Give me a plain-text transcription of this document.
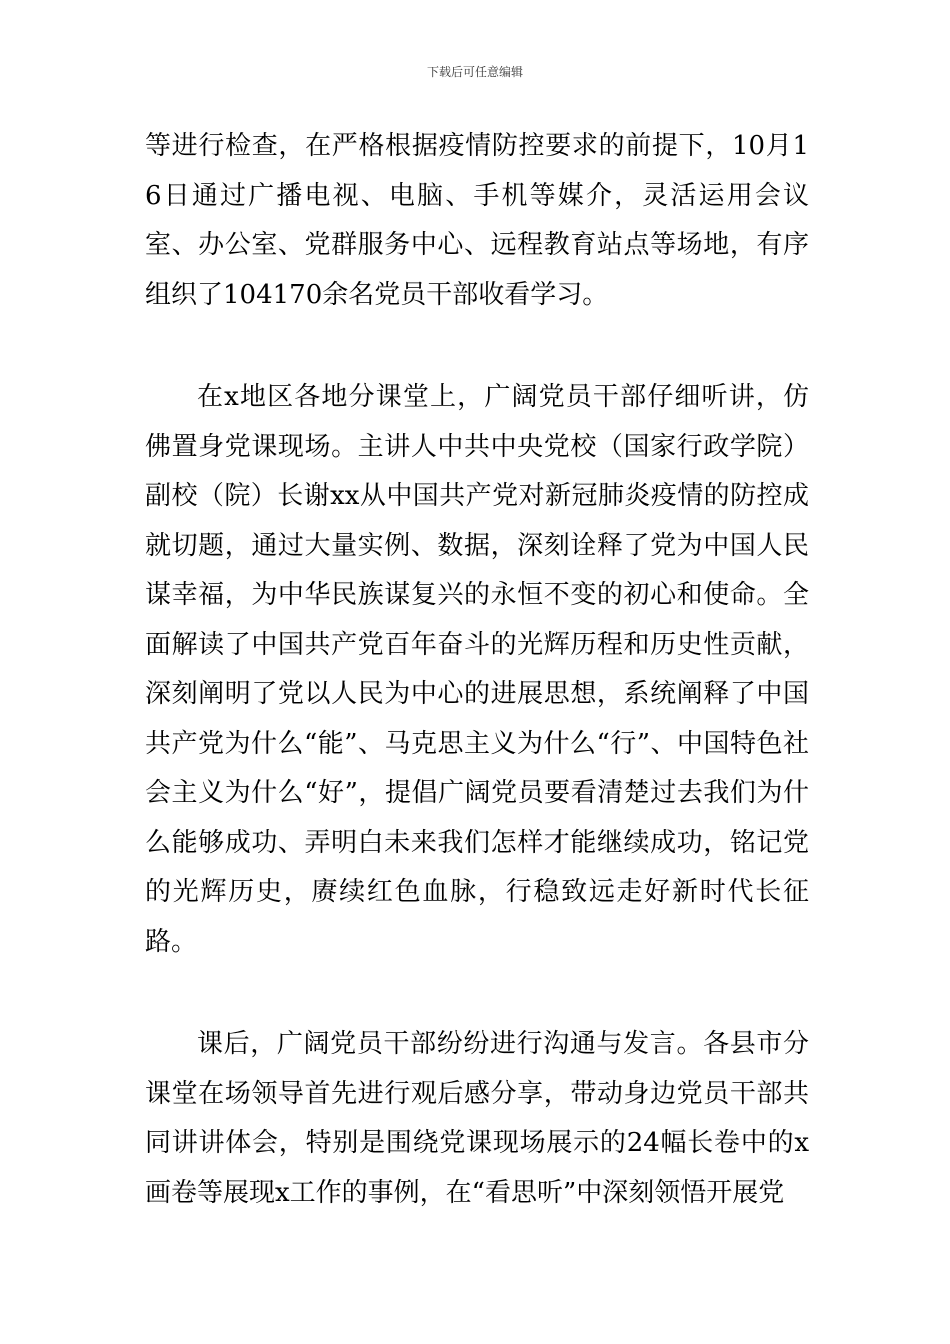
下载后可任意编辑

等进行检查，在严格根据疫情防控要求的前提下，10月16日通过广播电视、电脑、手机等媒介，灵活运用会议室、办公室、党群服务中心、远程教育站点等场地，有序组织了104170余名党员干部收看学习。

在x地区各地分课堂上，广阔党员干部仔细听讲，仿佛置身党课现场。主讲人中共中央党校（国家行政学院）副校（院）长谢xx从中国共产党对新冠肺炎疫情的防控成就切题，通过大量实例、数据，深刻诠释了党为中国人民谋幸福，为中华民族谋复兴的永恒不变的初心和使命。全面解读了中国共产党百年奋斗的光辉历程和历史性贡献，深刻阐明了党以人民为中心的进展思想，系统阐释了中国共产党为什么“能”、马克思主义为什么“行”、中国特色社会主义为什么“好”，提倡广阔党员要看清楚过去我们为什么能够成功、弄明白未来我们怎样才能继续成功，铭记党的光辉历史，赓续红色血脉，行稳致远走好新时代长征路。

课后，广阔党员干部纷纷进行沟通与发言。各县市分课堂在场领导首先进行观后感分享，带动身边党员干部共同讲讲体会，特别是围绕党课现场展示的24幅长卷中的x画卷等展现x工作的事例，在“看思听”中深刻领悟开展党
